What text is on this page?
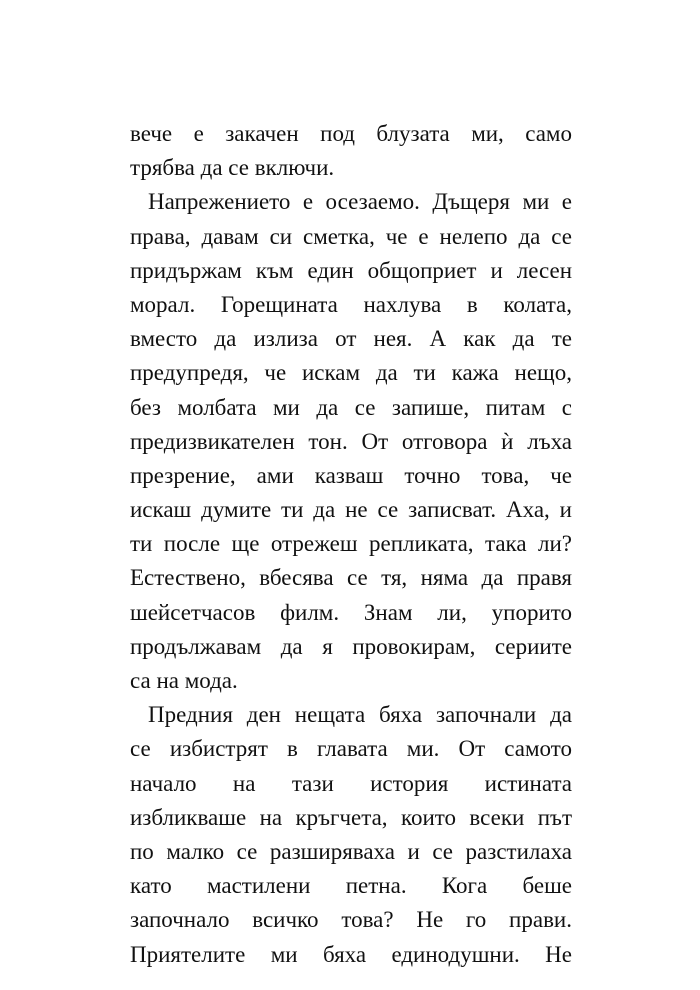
вече е закачен под блузата ми, само
трябва да се включи.
Напрежението е осезаемо. Дъщеря ми е
права, давам си сметка, че е нелепо да се
придържам към един общоприет и лесен
морал. Горещината нахлува в колата,
вместо да излиза от нея. А как да те
предупредя, че искам да ти кажа нещо,
без молбата ми да се запише, питам с
предизвикателен тон. От отговора ѝ лъха
презрение, ами казваш точно това, че
искаш думите ти да не се записват. Аха, и
ти после ще отрежеш репликата, така ли?
Естествено, вбесява се тя, няма да правя
шейсетчасов филм. Знам ли, упорито
продължавам да я провокирам, сериите
са на мода.
Предния ден нещата бяха започнали да
се избистрят в главата ми. От самото
начало на тази история истината
избликваше на кръгчета, които всеки път
по малко се разширяваха и се разстилаха
като мастилени петна. Кога беше
започнало всичко това? Не го прави.
Приятелите ми бяха единодушни. Не
